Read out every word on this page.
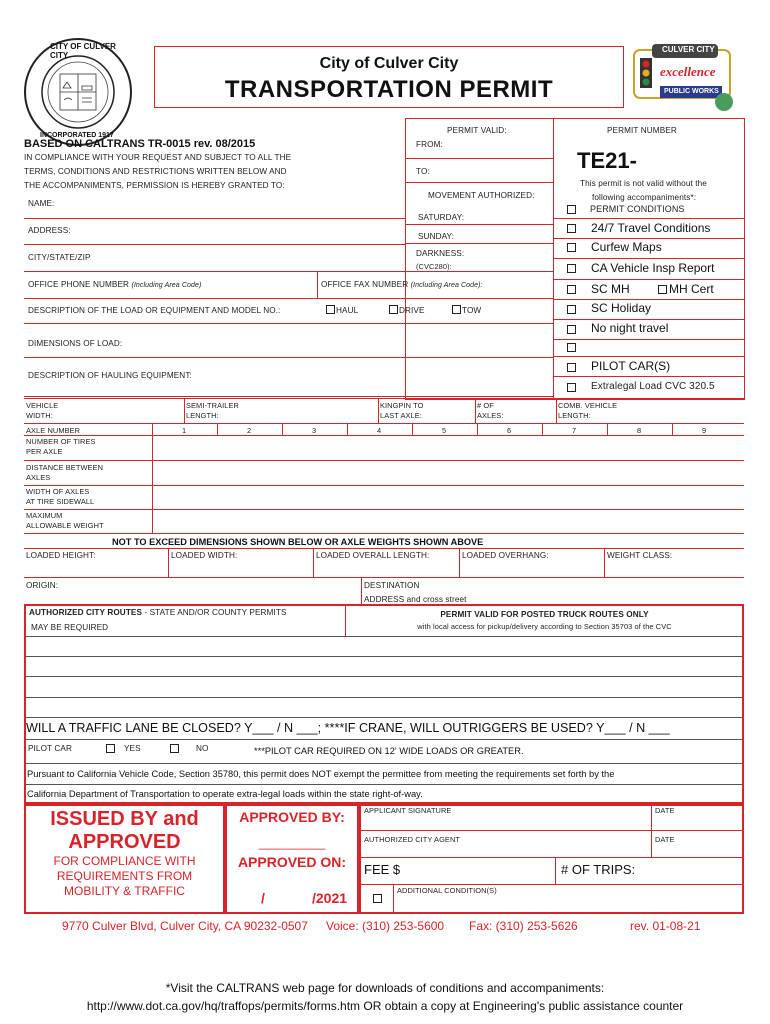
CITY OF CULVER CITY
INCORPORATED 1917
City of Culver City
TRANSPORTATION PERMIT
CULVER CITY
excellence
PUBLIC WORKS
BASED ON CALTRANS TR-0015 rev. 08/2015
IN COMPLIANCE WITH YOUR REQUEST AND SUBJECT TO ALL THE
TERMS, CONDITIONS AND RESTRICTIONS WRITTEN BELOW AND
THE ACCOMPANIMENTS, PERMISSION IS HEREBY GRANTED TO:
PERMIT VALID:	PERMIT NUMBER
FROM:
TO:
MOVEMENT AUTHORIZED:
SATURDAY:
SUNDAY:
DARKNESS:
(CVC280):
TE21-
This permit is not valid without the
following accompaniments*:
PERMIT CONDITIONS
24/7 Travel Conditions
Curfew Maps
CA Vehicle Insp Report
SC MH	MH Cert
SC Holiday
No night travel
PILOT CAR(S)
Extralegal Load CVC 320.5
NAME:
ADDRESS:
CITY/STATE/ZIP
OFFICE PHONE NUMBER (Including Area Code)	OFFICE FAX NUMBER (Including Area Code):
DESCRIPTION OF THE LOAD OR EQUIPMENT AND MODEL NO.:	HAUL	DRIVE	TOW
DIMENSIONS OF LOAD:
DESCRIPTION OF HAULING EQUIPMENT:
VEHICLE
WIDTH:
SEMI-TRAILER
LENGTH:
KINGPIN TO
LAST AXLE:
# OF
AXLES:
COMB. VEHICLE
LENGTH:
AXLE NUMBER	1	2	3	4	5	6	7	8	9
NUMBER OF TIRES
PER AXLE
DISTANCE BETWEEN
AXLES
WIDTH OF AXLES
AT TIRE SIDEWALL
MAXIMUM
ALLOWABLE WEIGHT
NOT TO EXCEED DIMENSIONS SHOWN BELOW OR AXLE WEIGHTS SHOWN ABOVE
LOADED HEIGHT:	LOADED WIDTH:	LOADED OVERALL LENGTH:	LOADED OVERHANG:	WEIGHT CLASS:
ORIGIN:	DESTINATION
ADDRESS and cross street
AUTHORIZED CITY ROUTES - STATE AND/OR COUNTY PERMITS
MAY BE REQUIRED
PERMIT VALID FOR POSTED TRUCK ROUTES ONLY
with local access for pickup/delivery according to Section 35703 of the CVC
WILL A TRAFFIC LANE BE CLOSED? Y___ / N ___; ****IF CRANE, WILL OUTRIGGERS BE USED? Y___ / N ___
PILOT CAR	YES	NO	***PILOT CAR REQUIRED ON 12' WIDE LOADS OR GREATER.
Pursuant to California Vehicle Code, Section 35780, this permit does NOT exempt the permittee from meeting the requirements set forth by the
California Department of Transportation to operate extra-legal loads within the state right-of-way.
ISSUED BY and
APPROVED
FOR COMPLIANCE WITH
REQUIREMENTS FROM
MOBILITY & TRAFFIC
APPROVED BY:
__________
APPROVED ON:
/	/2021
APPLICANT SIGNATURE	DATE
AUTHORIZED CITY AGENT	DATE
FEE $	# OF TRIPS:
ADDITIONAL CONDITION(S)
9770 Culver Blvd, Culver City, CA 90232-0507 Voice: (310) 253-5600 Fax: (310) 253-5626	rev. 01-08-21
*Visit the CALTRANS web page for downloads of conditions and accompaniments:
http://www.dot.ca.gov/hq/traffops/permits/forms.htm OR obtain a copy at Engineering's public assistance counter
